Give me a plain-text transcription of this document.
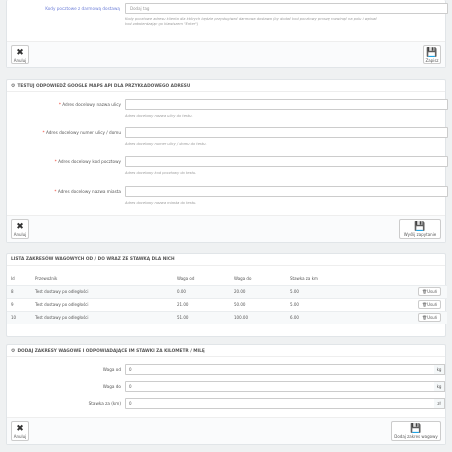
Kody pocztowe z darmową dostawą	Dodaj tag
Kody pocztowe adresu klienta dla których będzie przysługiwać darmowa dostawa (by dodać kod pocztowy proszę rozwinąć na polu i wpisać
kod zatwierdzając go klawiszem "Enter")
✖
Anuluj
💾
Zapisz
⚙ TESTUJ ODPOWIEDŹ GOOGLE MAPS API DLA PRZYKŁADOWEGO ADRESU
* Adres docelowy nazwa ulicy
Adres docelowy nazwa ulicy do testu.
* Adres docelowy numer ulicy / domu
Adres docelowy numer ulicy / domu do testu.
* Adres docelowy kod pocztowy
Adres docelowy kod pocztowy do testu.
* Adres docelowy nazwa miasta
Adres docelowy nazwa miasta do testu.
✖
Anuluj
💾
Wyślij zapytanie
LISTA ZAKRESÓW WAGOWYCH OD / DO WRAZ ZE STAWKĄ DLA NICH
Id	Przewoźnik	Waga od	Waga do	Stawka za km	
8	Test dostawy po odległości	0.00	20.00	5.00	🗑Usuń
9	Test dostawy po odległości	21.00	50.00	5.00	🗑Usuń
10	Test dostawy po odległości	51.00	100.00	6.00	🗑Usuń
⚙ DODAJ ZAKRESY WAGOWE I ODPOWIADAJĄCE IM STAWKI ZA KILOMETR / MILĘ
Waga od 0	kg
Waga do 0	kg
Stawka za (km) 0	zł
✖
Anuluj
💾
Dodaj zakres wagowy
